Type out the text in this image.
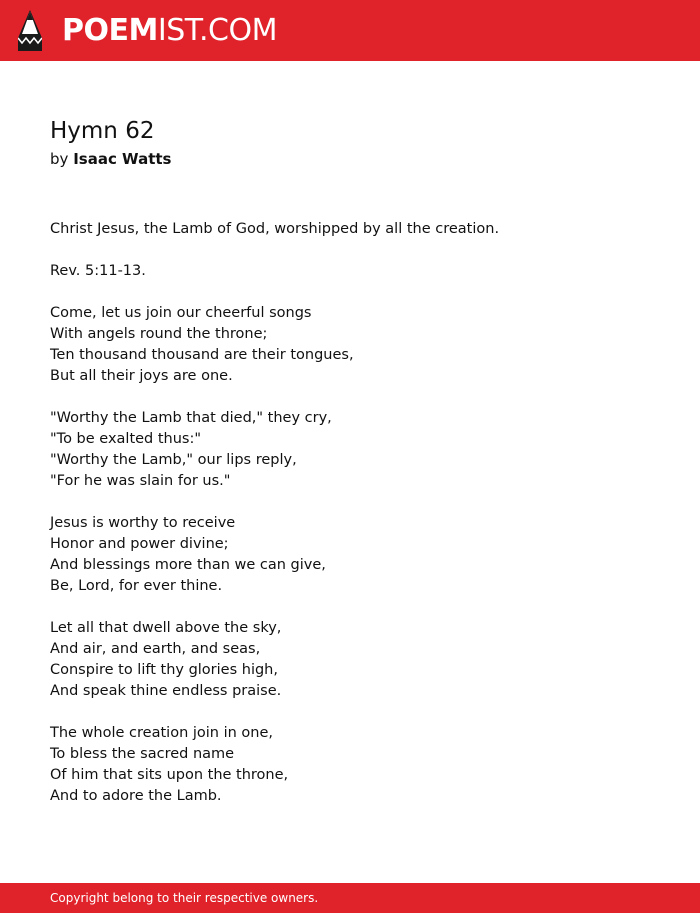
POEMIST.COM
Hymn 62
by Isaac Watts
Christ Jesus, the Lamb of God, worshipped by all the creation.
Rev. 5:11-13.
Come, let us join our cheerful songs
With angels round the throne;
Ten thousand thousand are their tongues,
But all their joys are one.
"Worthy the Lamb that died," they cry,
"To be exalted thus:"
"Worthy the Lamb," our lips reply,
"For he was slain for us."
Jesus is worthy to receive
Honor and power divine;
And blessings more than we can give,
Be, Lord, for ever thine.
Let all that dwell above the sky,
And air, and earth, and seas,
Conspire to lift thy glories high,
And speak thine endless praise.
The whole creation join in one,
To bless the sacred name
Of him that sits upon the throne,
And to adore the Lamb.
Copyright belong to their respective owners.
